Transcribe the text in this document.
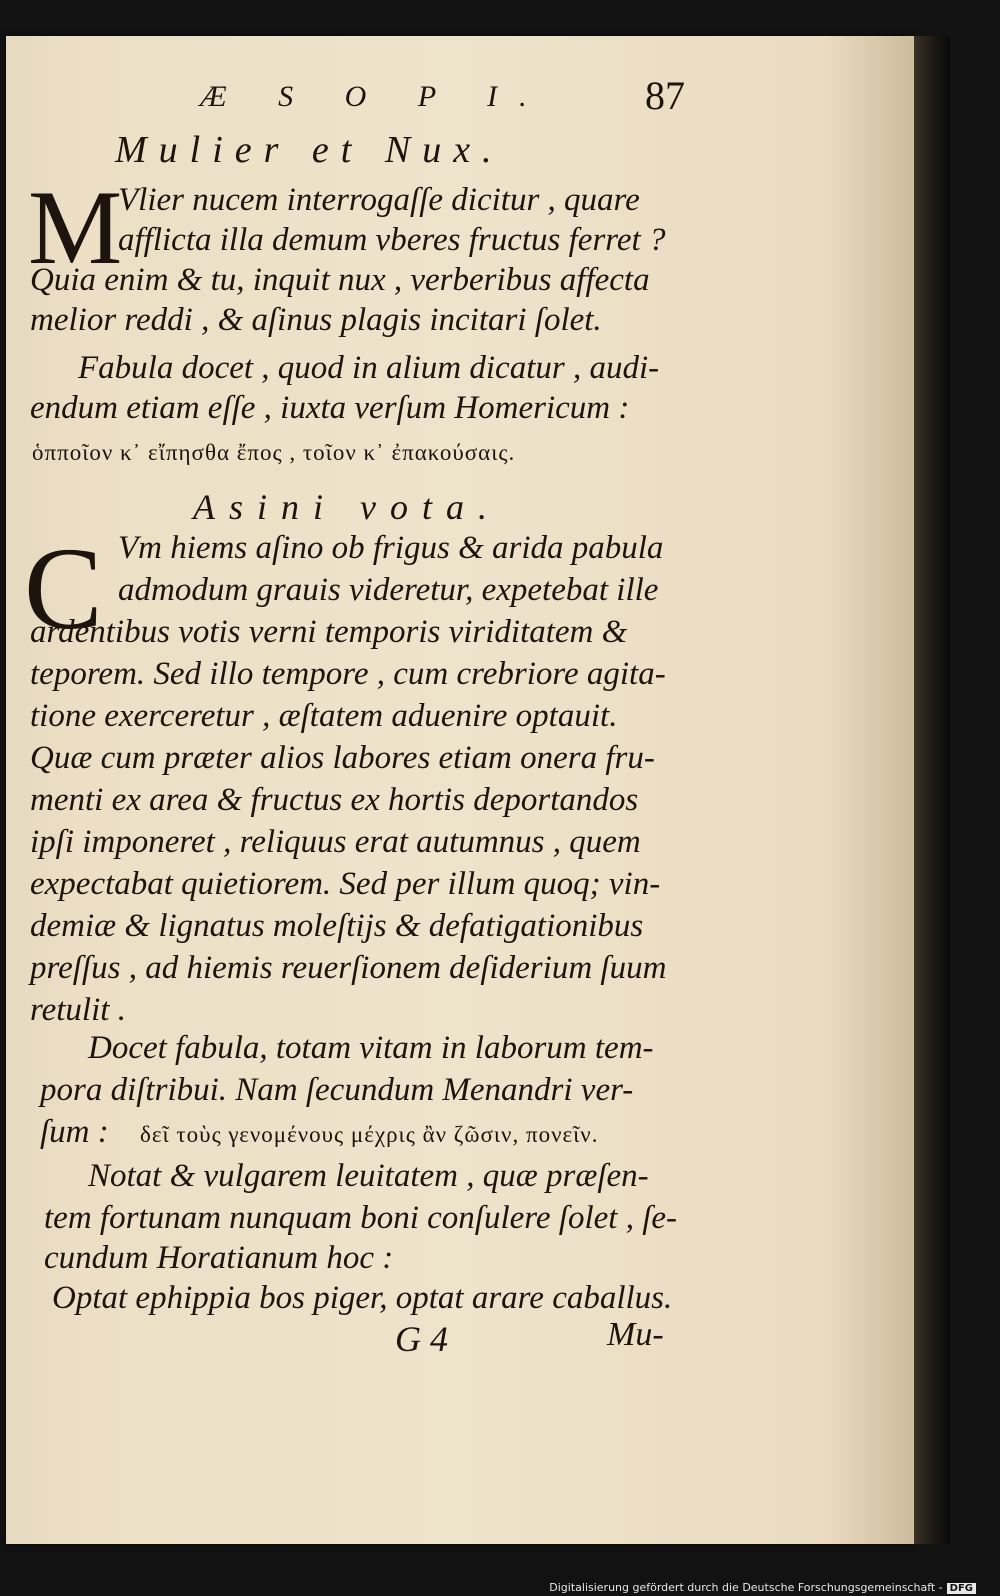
Æ S O P I. 87
Mulier et Nux.
M
Vlier nucem interrogaſſe dicitur , quare
afflicta illa demum vberes fructus ferret ?
Quia enim & tu, inquit nux , verberibus affecta
melior reddi , & aſinus plagis incitari ſolet.
Fabula docet , quod in alium dicatur , audi-
endum etiam eſſe , iuxta verſum Homericum :
ὁπποῖον κ᾽ εἴπησθα ἔπος , τοῖον κ᾽ ἐπακούσαις.
Asini vota.
C Vm hiems aſino ob frigus & arida pabula
admodum grauis videretur, expetebat ille
ardentibus votis verni temporis viriditatem &
teporem. Sed illo tempore , cum crebriore agita-
tione exerceretur , æſtatem aduenire optauit.
Quæ cum præter alios labores etiam onera fru-
menti ex area & fructus ex hortis deportandos
ipſi imponeret , reliquus erat autumnus , quem
expectabat quietiorem. Sed per illum quoq; vin-
demiæ & lignatus moleſtijs & defatigationibus
preſſus , ad hiemis reuerſionem deſiderium ſuum
retulit .
Docet fabula, totam vitam in laborum tem-
pora diſtribui. Nam ſecundum Menandri ver-
ſum : δεῖ τοὺς γενομένους μέχρις ἂν ζῶσιν, πονεῖν.
Notat & vulgarem leuitatem , quæ præſen-
tem fortunam nunquam boni conſulere ſolet , ſe-
cundum Horatianum hoc :
Optat ephippia bos piger, optat arare caballus.
G 4	Mu-
Digitalisierung gefördert durch die Deutsche Forschungsgemeinschaft - DFG
